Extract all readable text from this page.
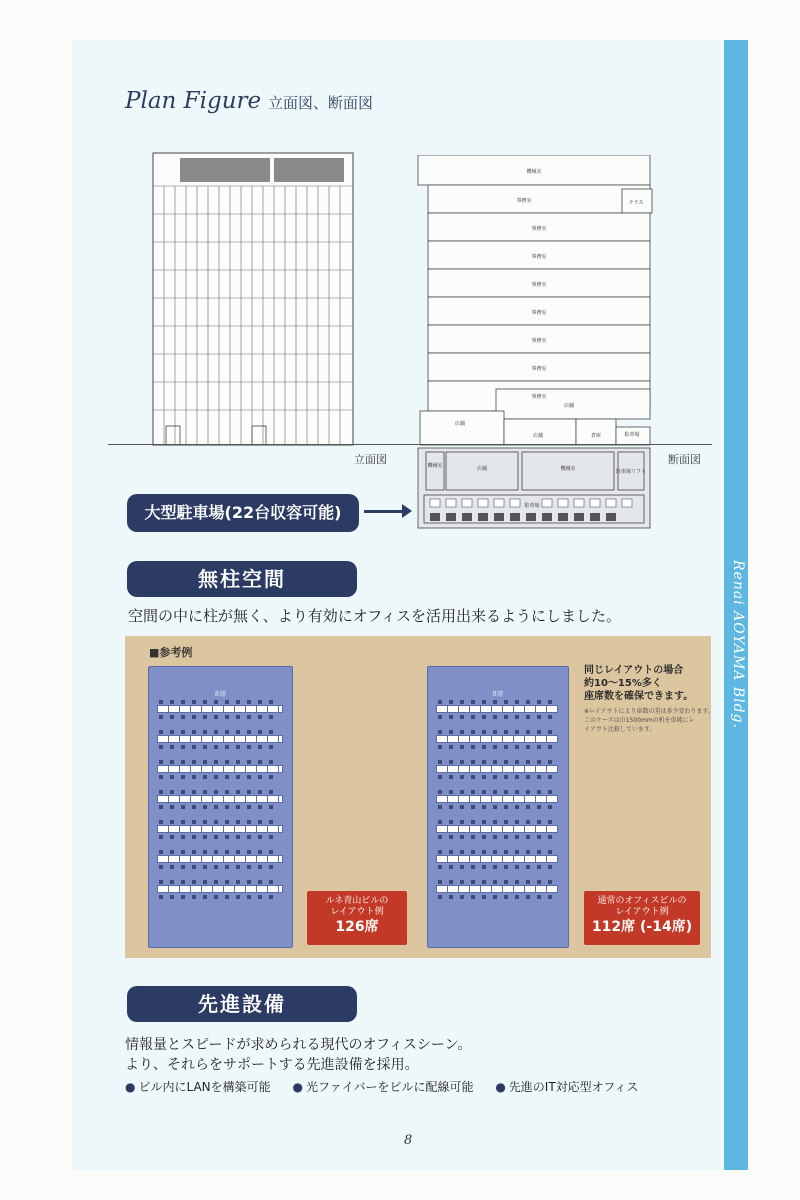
Renai AOYAMA Bldg.
Plan Figure 立面図、断面図
機械室
事務室	テラス
事務室
事務室
事務室
事務室
事務室
事務室
事務室
店舗
店舗
店舗	倉庫	駐車場
機械室	店舗	機械室	駐車場リフト
駐車場
立面図	断面図
大型駐車場(22台収容可能)
無柱空間
空間の中に柱が無く、より有効にオフィスを活用出来るようにしました。
■参考例
8席	8席
ルネ青山ビルの
レイアウト例
126席
通常のオフィスビルの
レイアウト例
112席 (-14席)
同じレイアウトの場合
約10～15%多く
座席数を確保できます。
※レイアウトにより席数の差は多少変わります。
このケースは巾1500mmの机を単純にレ
イアウト比較しています。
先進設備
情報量とスピードが求められる現代のオフィスシーン。
より、それらをサポートする先進設備を採用。
● ビル内にLANを構築可能 ● 光ファイバーをビルに配線可能 ● 先進のIT対応型オフィス
8
